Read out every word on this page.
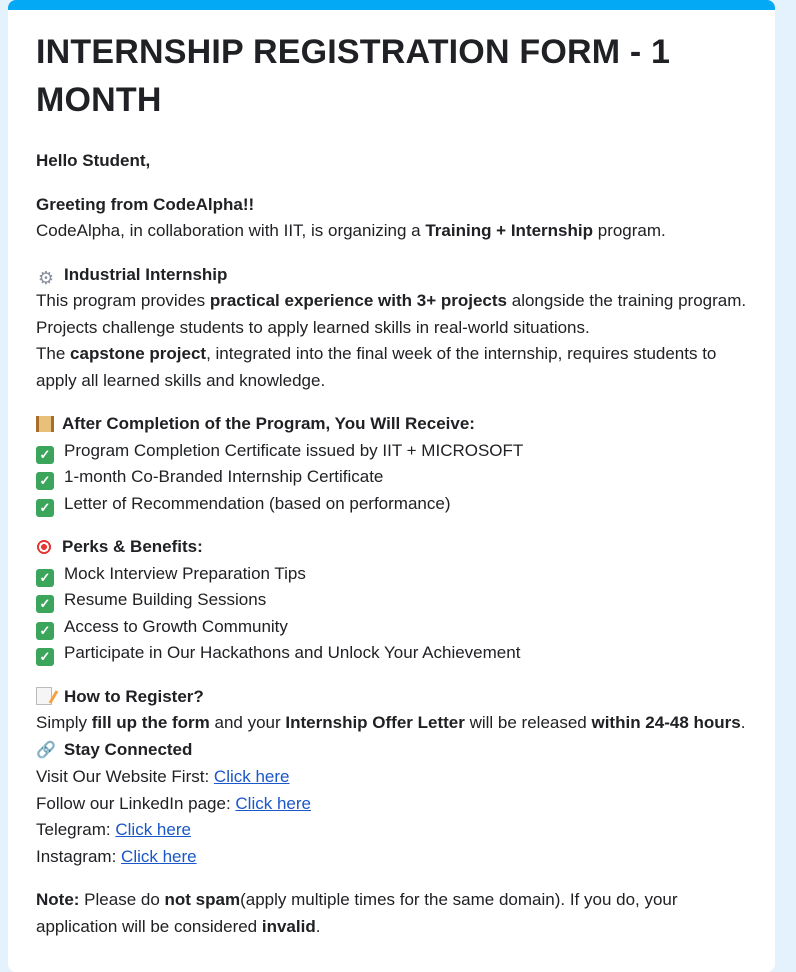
INTERNSHIP REGISTRATION FORM - 1 MONTH

Hello Student,

Greeting from CodeAlpha!!

CodeAlpha, in collaboration with IIT, is organizing a Training + Internship program.

⚙ Industrial Internship

This program provides practical experience with 3+ projects alongside the training program. Projects challenge students to apply learned skills in real-world situations.

The capstone project, integrated into the final week of the internship, requires students to apply all learned skills and knowledge.

After Completion of the Program, You Will Receive:

✓ Program Completion Certificate issued by IIT + MICROSOFT

✓ 1-month Co-Branded Internship Certificate

✓ Letter of Recommendation (based on performance)

Perks & Benefits:

✓ Mock Interview Preparation Tips

✓ Resume Building Sessions

✓ Access to Growth Community

✓ Participate in Our Hackathons and Unlock Your Achievement

How to Register?

Simply fill up the form and your Internship Offer Letter will be released within 24-48 hours.

🔗 Stay Connected

Visit Our Website First: Click here

Follow our LinkedIn page: Click here

Telegram: Click here

Instagram: Click here

Note: Please do not spam(apply multiple times for the same domain). If you do, your application will be considered invalid.
